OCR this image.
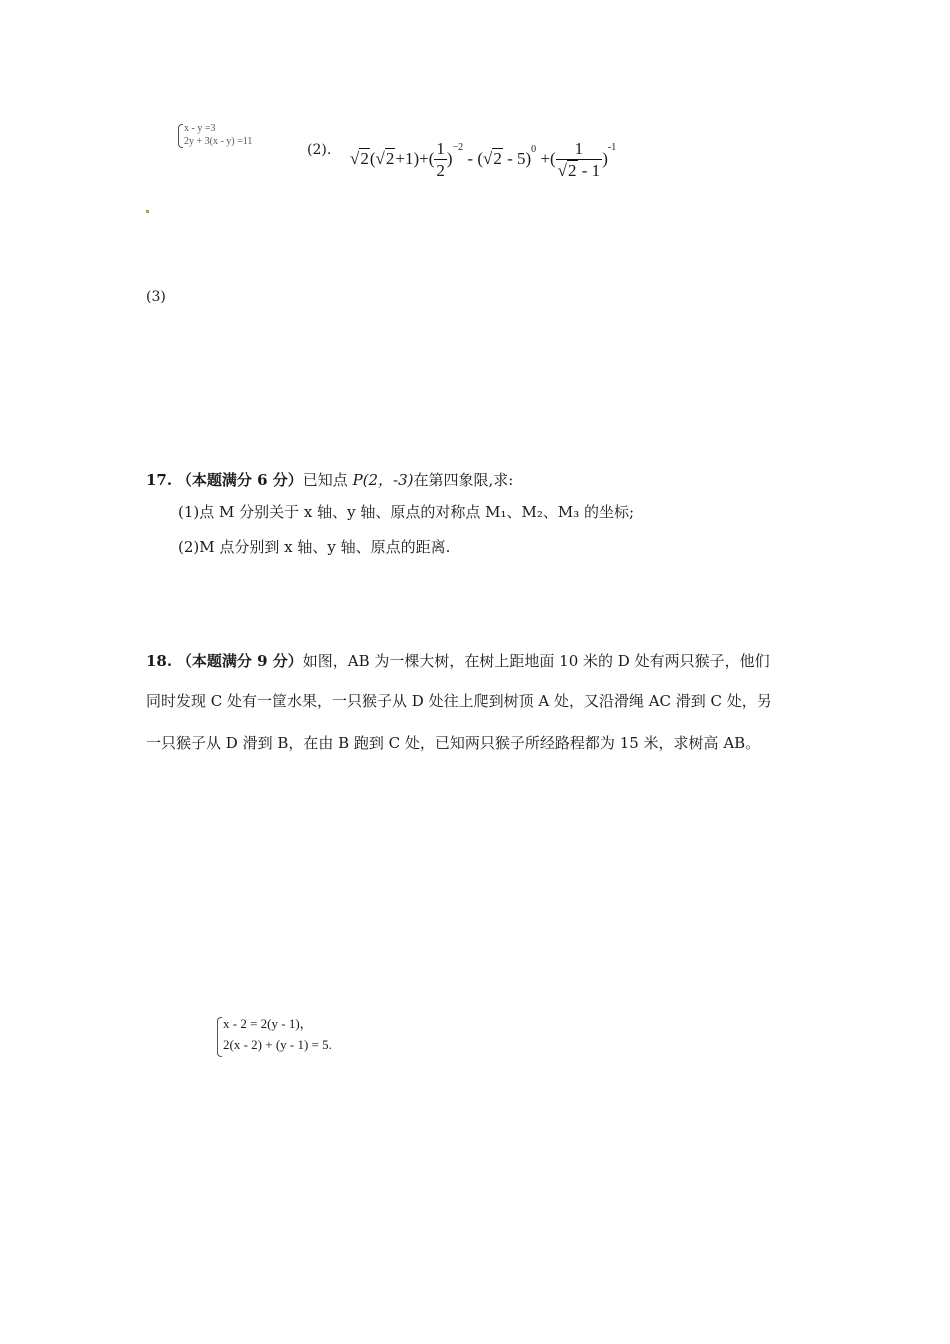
x - y =3
2y + 3(x - y) =11
(2). √2 ( $√2 +1)+( \frac{1}{2}$ )
$^{-2}$
- ( √2 - 5)$^0$ +( $\frac{1}{√2 - 1}$ )
$^{-1}$
(3)
17. （本题满分 6 分）已知点 P(2，-3)在第四象限,求:
(1)点 M 分别关于 x 轴、y 轴、原点的对称点 M₁、M₂、M₃ 的坐标;
(2)M 点分别到 x 轴、y 轴、原点的距离.
18. （本题满分 9 分）如图，AB 为一棵大树，在树上距地面 10 米的 D 处有两只猴子，他们
同时发现 C 处有一筐水果，一只猴子从 D 处往上爬到树顶 A 处，又沿滑绳 AC 滑到 C 处，另
一只猴子从 D 滑到 B，在由 B 跑到 C 处，已知两只猴子所经路程都为 15 米，求树高 AB。
x - 2 = 2(y - 1)，
2(x - 2) + (y - 1) = 5.
